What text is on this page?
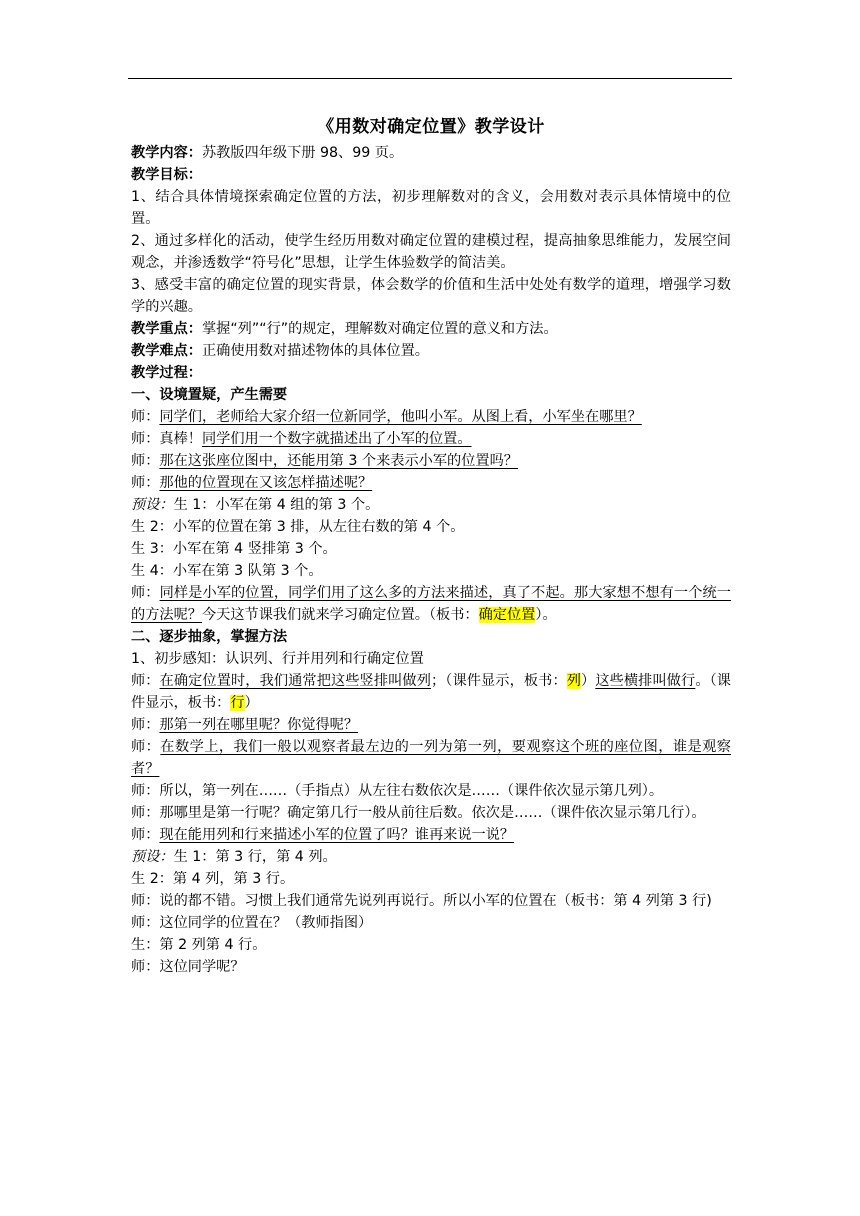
《用数对确定位置》教学设计

教学内容：苏教版四年级下册 98、99 页。

教学目标：

1、结合具体情境探索确定位置的方法，初步理解数对的含义，会用数对表示具体情境中的位置。

2、通过多样化的活动，使学生经历用数对确定位置的建模过程，提高抽象思维能力，发展空间观念，并渗透数学“符号化”思想，让学生体验数学的简洁美。

3、感受丰富的确定位置的现实背景，体会数学的价值和生活中处处有数学的道理，增强学习数学的兴趣。

教学重点：掌握“列”“行”的规定，理解数对确定位置的意义和方法。

教学难点：正确使用数对描述物体的具体位置。

教学过程：

一、设境置疑，产生需要

师：同学们，老师给大家介绍一位新同学，他叫小军。从图上看，小军坐在哪里？

师：真棒！同学们用一个数字就描述出了小军的位置。

师：那在这张座位图中，还能用第 3 个来表示小军的位置吗？

师：那他的位置现在又该怎样描述呢？

预设：生 1：小军在第 4 组的第 3 个。

生 2：小军的位置在第 3 排，从左往右数的第 4 个。

生 3：小军在第 4 竖排第 3 个。

生 4：小军在第 3 队第 3 个。

师：同样是小军的位置，同学们用了这么多的方法来描述，真了不起。那大家想不想有一个统一的方法呢？今天这节课我们就来学习确定位置。（板书：确定位置）。

二、逐步抽象，掌握方法

1、初步感知：认识列、行并用列和行确定位置

师：在确定位置时，我们通常把这些竖排叫做列；（课件显示，板书：列）这些横排叫做行。（课件显示，板书：行）

师：那第一列在哪里呢？你觉得呢？

师：在数学上，我们一般以观察者最左边的一列为第一列，要观察这个班的座位图，谁是观察者？

师：所以，第一列在……（手指点）从左往右数依次是……（课件依次显示第几列）。

师：那哪里是第一行呢？确定第几行一般从前往后数。依次是……（课件依次显示第几行）。

师：现在能用列和行来描述小军的位置了吗？谁再来说一说？

预设：生 1：第 3 行，第 4 列。

生 2：第 4 列，第 3 行。

师：说的都不错。习惯上我们通常先说列再说行。所以小军的位置在（板书：第 4 列第 3 行)

师：这位同学的位置在？（教师指图）

生：第 2 列第 4 行。

师：这位同学呢？
